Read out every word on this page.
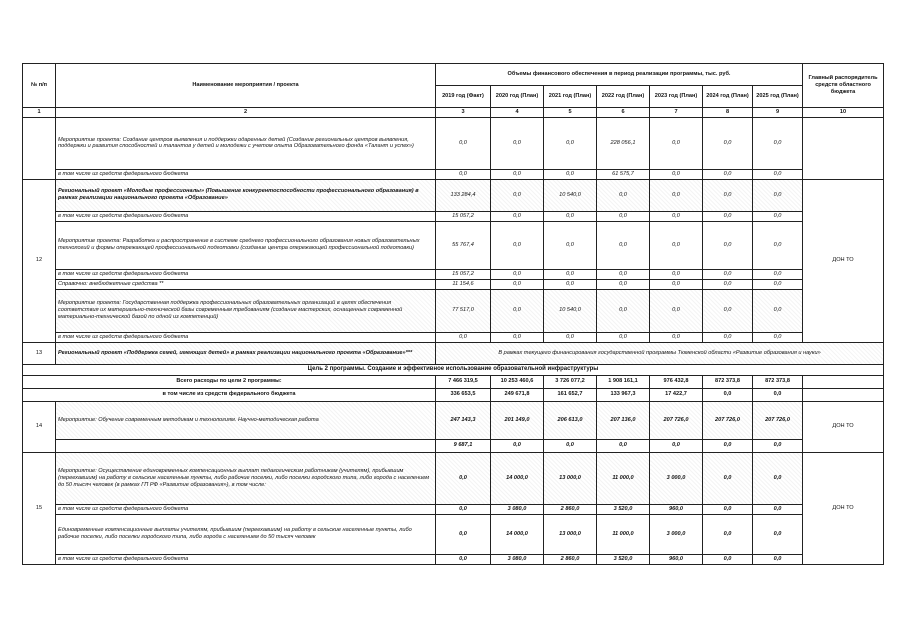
№ п/п	Наименование мероприятия / проекта	Объемы финансового обеспечения в период реализации программы, тыс. руб.							Главный распорядитель средств областного бюджета
		2019 год (Факт)	2020 год (План)	2021 год (План)	2022 год (План)	2023 год (План)	2024 год (План)	2025 год (План)	
1	2	3	4	5	6	7	8	9	10
	Мероприятие проекта: Создание центров выявления и поддержки одаренных детей (Создание региональных центров выявления, поддержки и развития способностей и талантов у детей и молодежи с учетом опыта Образовательного фонда «Талант и успех»)	0,0	0,0	0,0	228 056,1	0,0	0,0	0,0	
	в том числе из средств федерального бюджета	0,0	0,0	0,0	61 575,7	0,0	0,0	0,0	
12	Региональный проект «Молодые профессионалы» (Повышение конкурентоспособности профессионального образования) в рамках реализации национального проекта «Образование»	133 284,4	0,0	10 540,0	0,0	0,0	0,0	0,0	ДОН ТО
	в том числе из средств федерального бюджета	15 057,2	0,0	0,0	0,0	0,0	0,0	0,0	
	Мероприятие проекта: Разработка и распространение в системе среднего профессионального образования новых образовательных технологий и формы опережающей профессиональной подготовки (создание центра опережающей профессиональной подготовки)	55 767,4	0,0	0,0	0,0	0,0	0,0	0,0	
	в том числе из средств федерального бюджета	15 057,2	0,0	0,0	0,0	0,0	0,0	0,0	
	Справочно: внебюджетные средства **	11 154,6	0,0	0,0	0,0	0,0	0,0	0,0	
	Мероприятие проекта: Государственная поддержка профессиональных образовательных организаций в целях обеспечения соответствия их материально-технической базы современным требованиям (создание мастерских, оснащенных современной материально-технической базой по одной из компетенций)	77 517,0	0,0	10 540,0	0,0	0,0	0,0	0,0	
	в том числе из средств федерального бюджета	0,0	0,0	0,0	0,0	0,0	0,0	0,0	
13	Региональный проект «Поддержка семей, имеющих детей» в рамках реализации национального проекта «Образование»***	В рамках текущего финансирования государственной программы Тюменской области «Развитие образования и науки»							
Цель 2 программы. Создание и эффективное использование образовательной инфраструктуры									
Всего расходы по цели 2 программы:		7 466 319,5	10 253 460,6	3 726 077,2	1 908 161,1	976 432,8	872 373,8	872 373,8	
в том числе из средств федерального бюджета		336 653,5	249 671,8	161 652,7	133 967,3	17 422,7	0,0	0,0	
14	Мероприятие: Обучение современным методикам и технологиям. Научно-методическая работа	247 143,3	201 149,0	206 613,0	207 136,0	207 726,0	207 726,0	207 726,0	ДОН ТО
		9 687,1	0,0	0,0	0,0	0,0	0,0	0,0	
15	Мероприятие: Осуществление единовременных компенсационных выплат педагогическим работникам (учителям), прибывшим (переехавшим) на работу в сельские населенные пункты, либо рабочие поселки, либо поселки городского типа, либо города с населением до 50 тысяч человек (в рамках ГП РФ «Развитие образования»), в том числе:	0,0	14 000,0	13 000,0	11 000,0	3 000,0	0,0	0,0	ДОН ТО
	в том числе из средств федерального бюджета	0,0	3 080,0	2 860,0	3 520,0	960,0	0,0	0,0	
	Единовременные компенсационные выплаты учителям, прибывшим (переехавшим) на работу в сельские населенные пункты, либо рабочие поселки, либо поселки городского типа, либо города с населением до 50 тысяч человек	0,0	14 000,0	13 000,0	11 000,0	3 000,0	0,0	0,0	
	в том числе из средств федерального бюджета	0,0	3 080,0	2 860,0	3 520,0	960,0	0,0	0,0	
